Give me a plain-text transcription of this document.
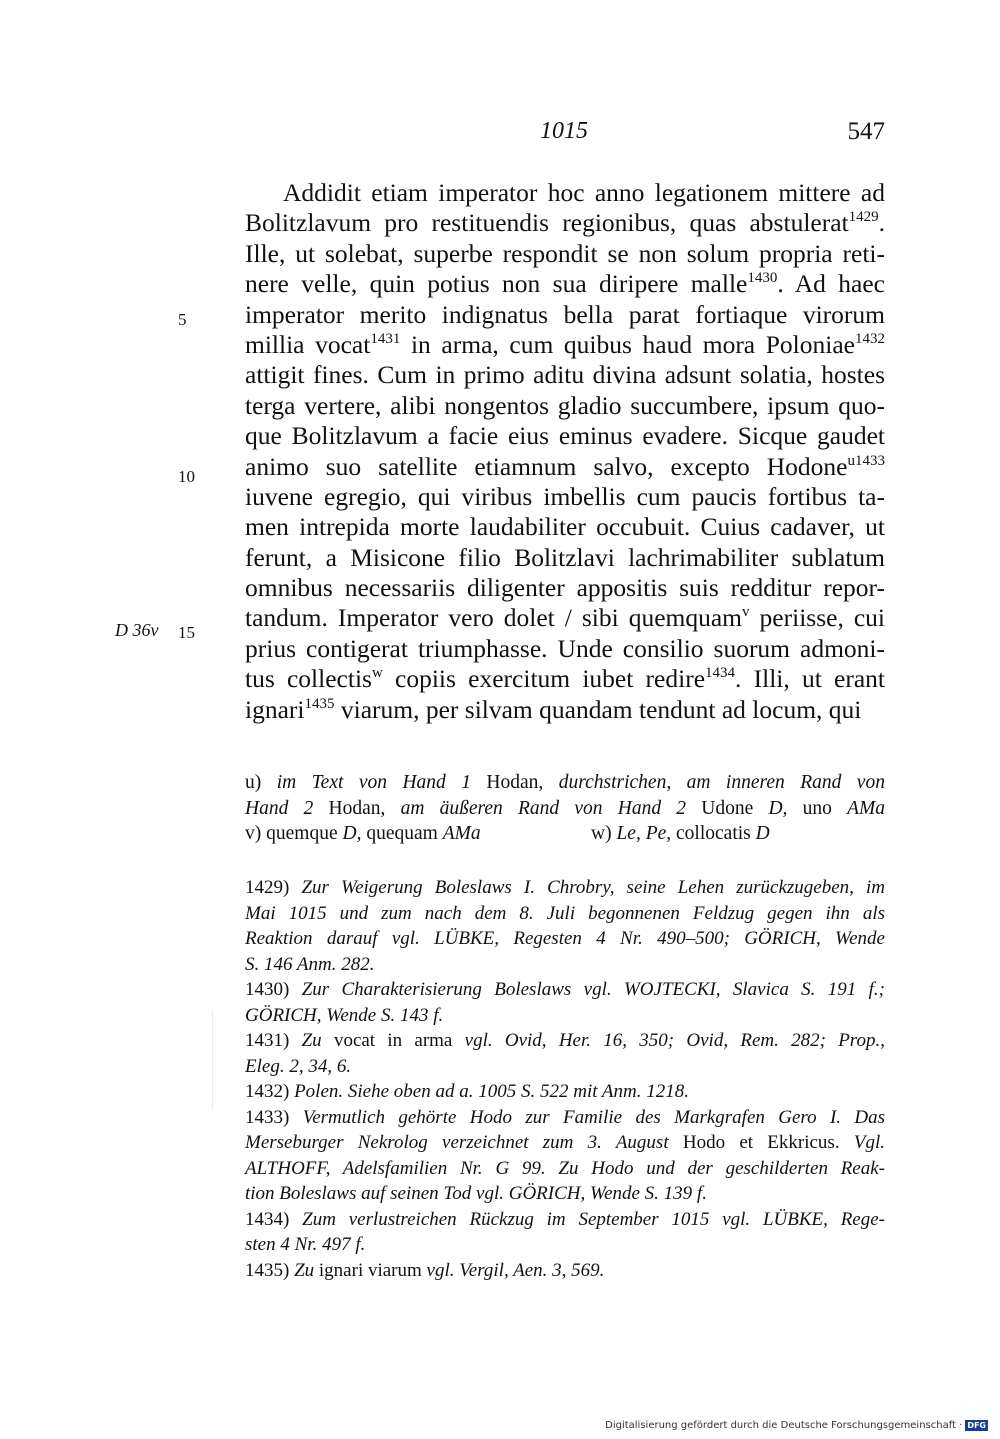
1015	547
5
10
D 36v 15
Addidit etiam imperator hoc anno legationem mittere ad
Bolitzlavum pro restituendis regionibus, quas abstulerat$^{1429}$.
Ille, ut solebat, superbe respondit se non solum propria reti-
nere velle, quin potius non sua diripere malle$^{1430}$. Ad haec
imperator merito indignatus bella parat fortiaque virorum
millia vocat$^{1431}$ in arma, cum quibus haud mora Poloniae$^{1432}$
attigit fines. Cum in primo aditu divina adsunt solatia, hostes
terga vertere, alibi nongentos gladio succumbere, ipsum quo-
que Bolitzlavum a facie eius eminus evadere. Sicque gaudet
animo suo satellite etiamnum salvo, excepto Hodone$^{u1433}$
iuvene egregio, qui viribus imbellis cum paucis fortibus ta-
men intrepida morte laudabiliter occubuit. Cuius cadaver, ut
ferunt, a Misicone filio Bolitzlavi lachrimabiliter sublatum
omnibus necessariis diligenter appositis suis redditur repor-
tandum. Imperator vero dolet / sibi quemquam$^v$ periisse, cui
prius contigerat triumphasse. Unde consilio suorum admoni-
tus collectis$^w$ copiis exercitum iubet redire$^{1434}$. Illi, ut erant
ignari$^{1435}$ viarum, per silvam quandam tendunt ad locum, qui
u) im Text von Hand 1 Hodan, durchstrichen, am inneren Rand von
Hand 2 Hodan, am äußeren Rand von Hand 2 Udone D, uno AMa
v) quemque D, quequam AMa	w) Le, Pe, collocatis D
1429) Zur Weigerung Boleslaws I. Chrobry, seine Lehen zurückzugeben, im
Mai 1015 und zum nach dem 8. Juli begonnenen Feldzug gegen ihn als
Reaktion darauf vgl. LÜBKE, Regesten 4 Nr. 490–500; GÖRICH, Wende
S. 146 Anm. 282.
1430) Zur Charakterisierung Boleslaws vgl. WOJTECKI, Slavica S. 191 f.;
GÖRICH, Wende S. 143 f.
1431) Zu vocat in arma vgl. Ovid, Her. 16, 350; Ovid, Rem. 282; Prop.,
Eleg. 2, 34, 6.
1432) Polen. Siehe oben ad a. 1005 S. 522 mit Anm. 1218.
1433) Vermutlich gehörte Hodo zur Familie des Markgrafen Gero I. Das
Merseburger Nekrolog verzeichnet zum 3. August Hodo et Ekkricus. Vgl.
ALTHOFF, Adelsfamilien Nr. G 99. Zu Hodo und der geschilderten Reak-
tion Boleslaws auf seinen Tod vgl. GÖRICH, Wende S. 139 f.
1434) Zum verlustreichen Rückzug im September 1015 vgl. LÜBKE, Rege-
sten 4 Nr. 497 f.
1435) Zu ignari viarum vgl. Vergil, Aen. 3, 569.
Digitalisierung gefördert durch die Deutsche Forschungsgemeinschaft · DFG
